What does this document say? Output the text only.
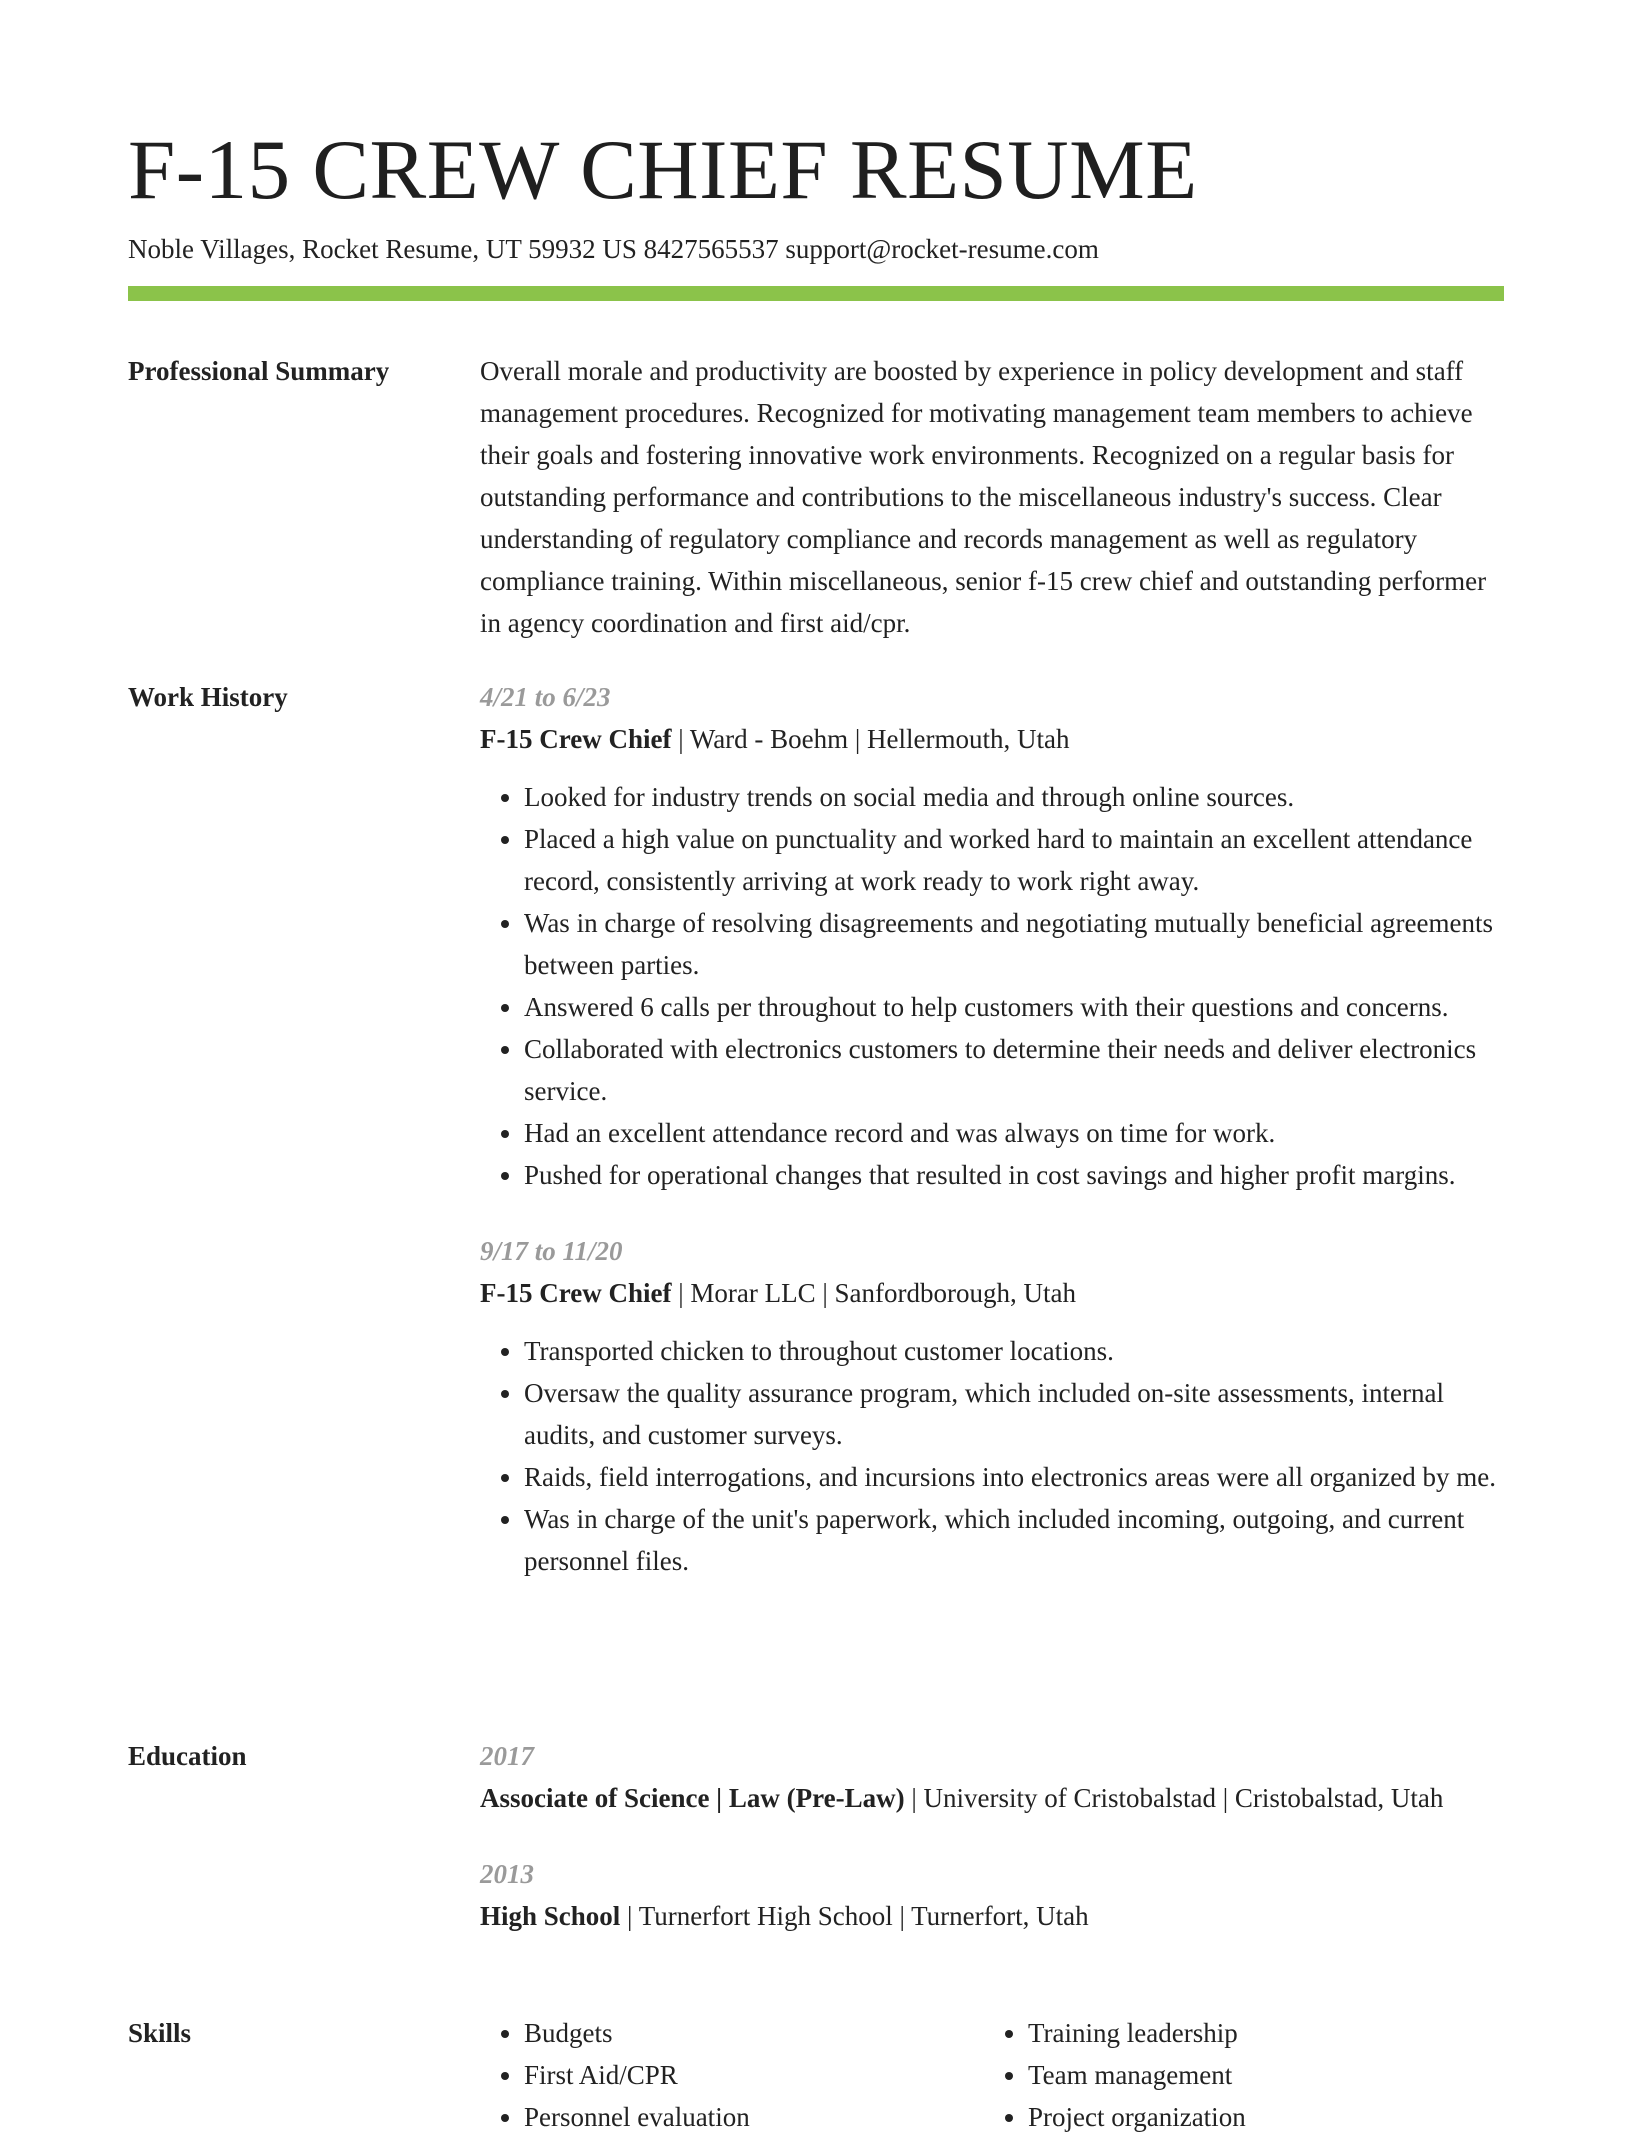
F-15 CREW CHIEF RESUME
Noble Villages, Rocket Resume, UT 59932 US 8427565537 support@rocket-resume.com
Professional Summary	Overall morale and productivity are boosted by experience in policy development and staff management procedures. Recognized for motivating management team members to achieve their goals and fostering innovative work environments. Recognized on a regular basis for outstanding performance and contributions to the miscellaneous industry's success. Clear understanding of regulatory compliance and records management as well as regulatory compliance training. Within miscellaneous, senior f-15 crew chief and outstanding performer in agency coordination and first aid/cpr.

Work History	4/21 to 6/23
F-15 Crew Chief | Ward - Boehm | Hellermouth, Utah
• Looked for industry trends on social media and through online sources.
• Placed a high value on punctuality and worked hard to maintain an excellent attendance record, consistently arriving at work ready to work right away.
• Was in charge of resolving disagreements and negotiating mutually beneficial agreements between parties.
• Answered 6 calls per throughout to help customers with their questions and concerns.
• Collaborated with electronics customers to determine their needs and deliver electronics service.
• Had an excellent attendance record and was always on time for work.
• Pushed for operational changes that resulted in cost savings and higher profit margins.
9/17 to 11/20
F-15 Crew Chief | Morar LLC | Sanfordborough, Utah
• Transported chicken to throughout customer locations.
• Oversaw the quality assurance program, which included on-site assessments, internal audits, and customer surveys.
• Raids, field interrogations, and incursions into electronics areas were all organized by me.
• Was in charge of the unit's paperwork, which included incoming, outgoing, and current personnel files.
Education	2017
Associate of Science | Law (Pre-Law) | University of Cristobalstad | Cristobalstad, Utah
2013
High School | Turnerfort High School | Turnerfort, Utah
Skills
•	Budgets
• First Aid/CPR
• Personnel evaluation
• Training leadership
• Team management
• Project organization
